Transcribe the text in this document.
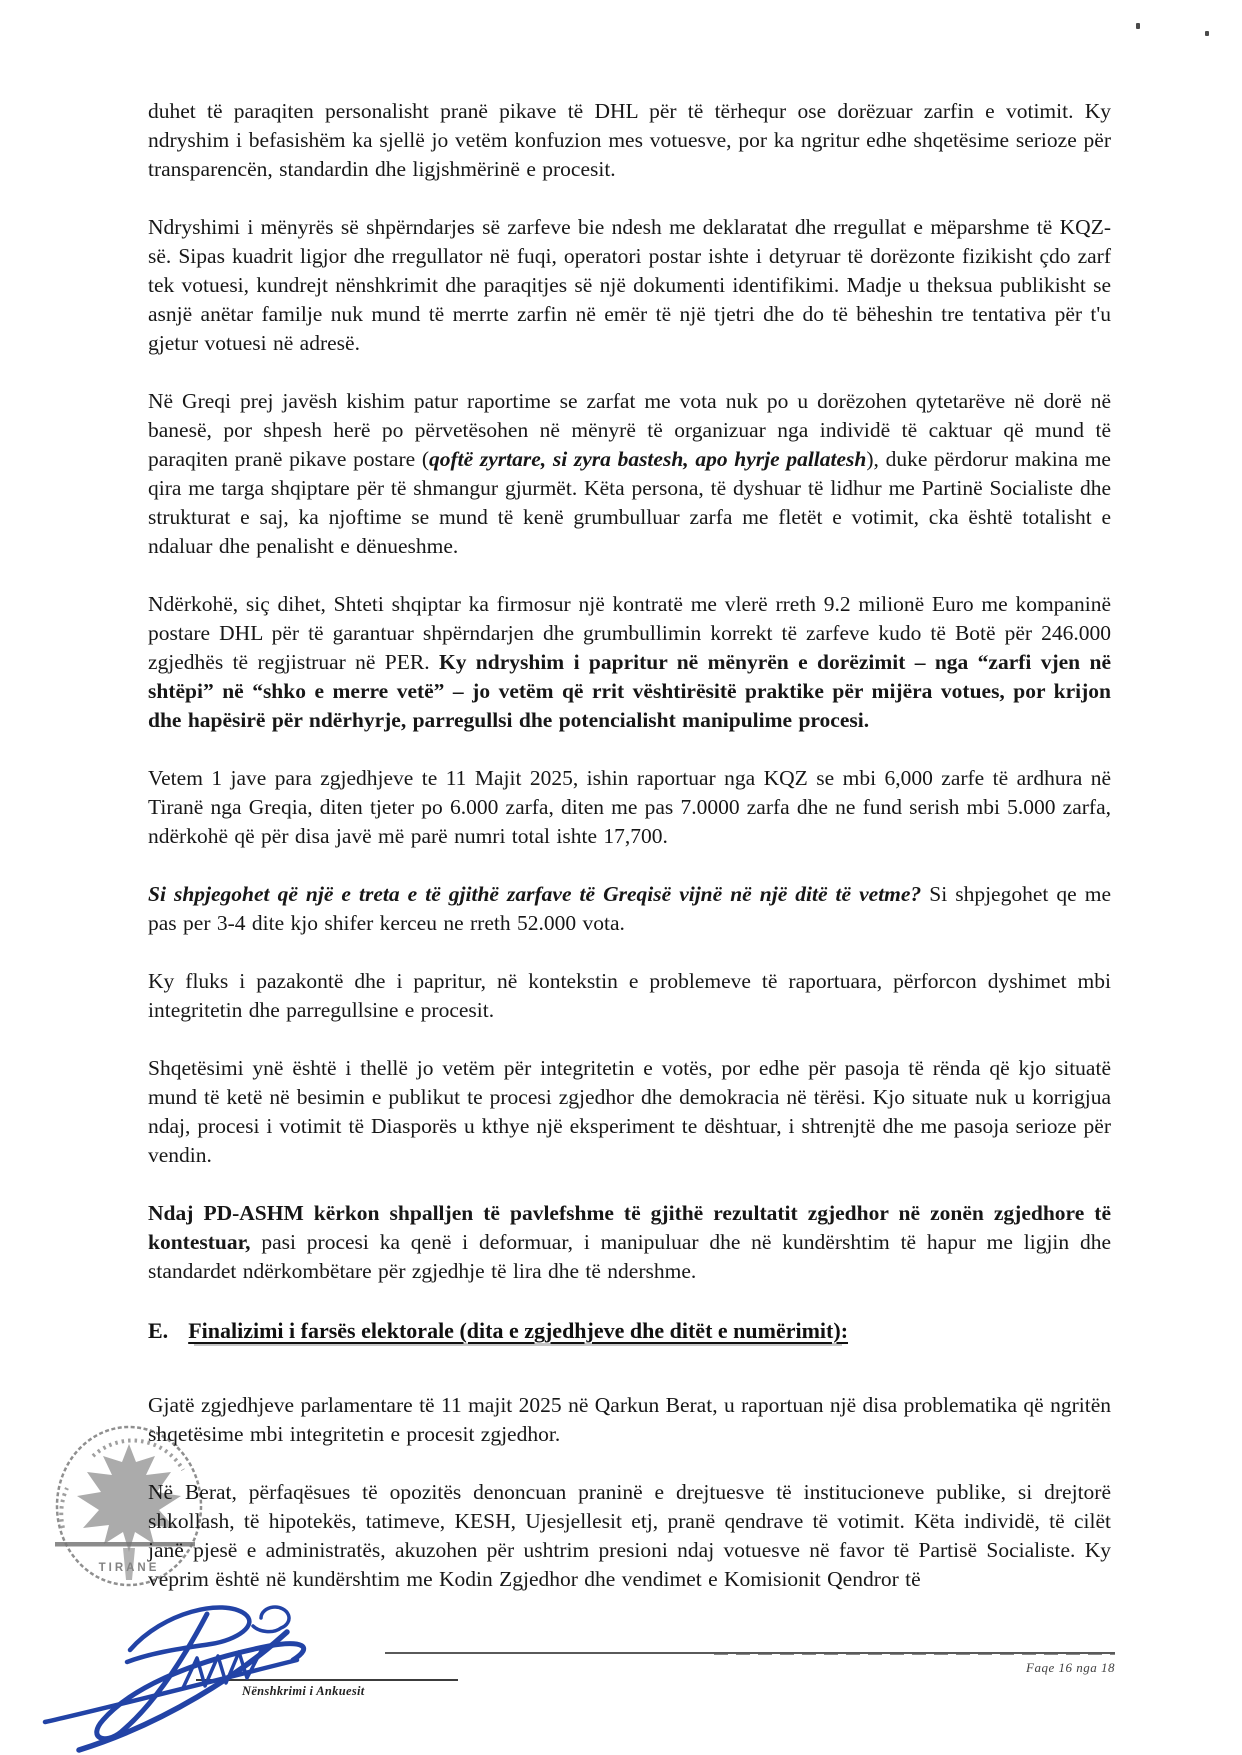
duhet të paraqiten personalisht pranë pikave të DHL për të tërhequr ose dorëzuar zarfin e votimit. Ky ndryshim i befasishëm ka sjellë jo vetëm konfuzion mes votuesve, por ka ngritur edhe shqetësime serioze për transparencën, standardin dhe ligjshmërinë e procesit.

Ndryshimi i mënyrës së shpërndarjes së zarfeve bie ndesh me deklaratat dhe rregullat e mëparshme të KQZ-së. Sipas kuadrit ligjor dhe rregullator në fuqi, operatori postar ishte i detyruar të dorëzonte fizikisht çdo zarf tek votuesi, kundrejt nënshkrimit dhe paraqitjes së një dokumenti identifikimi. Madje u theksua publikisht se asnjë anëtar familje nuk mund të merrte zarfin në emër të një tjetri dhe do të bëheshin tre tentativa për t'u gjetur votuesi në adresë.

Në Greqi prej javësh kishim patur raportime se zarfat me vota nuk po u dorëzohen qytetarëve në dorë në banesë, por shpesh herë po përvetësohen në mënyrë të organizuar nga individë të caktuar që mund të paraqiten pranë pikave postare (qoftë zyrtare, si zyra bastesh, apo hyrje pallatesh), duke përdorur makina me qira me targa shqiptare për të shmangur gjurmët. Këta persona, të dyshuar të lidhur me Partinë Socialiste dhe strukturat e saj, ka njoftime se mund të kenë grumbulluar zarfa me fletët e votimit, cka është totalisht e ndaluar dhe penalisht e dënueshme.

Ndërkohë, siç dihet, Shteti shqiptar ka firmosur një kontratë me vlerë rreth 9.2 milionë Euro me kompaninë postare DHL për të garantuar shpërndarjen dhe grumbullimin korrekt të zarfeve kudo të Botë për 246.000 zgjedhës të regjistruar në PER. Ky ndryshim i papritur në mënyrën e dorëzimit – nga “zarfi vjen në shtëpi” në “shko e merre vetë” – jo vetëm që rrit vështirësitë praktike për mijëra votues, por krijon dhe hapësirë për ndërhyrje, parregullsi dhe potencialisht manipulime procesi.

Vetem 1 jave para zgjedhjeve te 11 Majit 2025, ishin raportuar nga KQZ se mbi 6,000 zarfe të ardhura në Tiranë nga Greqia, diten tjeter po 6.000 zarfa, diten me pas 7.0000 zarfa dhe ne fund serish mbi 5.000 zarfa, ndërkohë që për disa javë më parë numri total ishte 17,700.

Si shpjegohet që një e treta e të gjithë zarfave të Greqisë vijnë në një ditë të vetme? Si shpjegohet qe me pas per 3-4 dite kjo shifer kerceu ne rreth 52.000 vota.

Ky fluks i pazakontë dhe i papritur, në kontekstin e problemeve të raportuara, përforcon dyshimet mbi integritetin dhe parregullsine e procesit.

Shqetësimi ynë është i thellë jo vetëm për integritetin e votës, por edhe për pasoja të rënda që kjo situatë mund të ketë në besimin e publikut te procesi zgjedhor dhe demokracia në tërësi. Kjo situate nuk u korrigjua ndaj, procesi i votimit të Diasporës u kthye një eksperiment te dështuar, i shtrenjtë dhe me pasoja serioze për vendin.

Ndaj PD-ASHM kërkon shpalljen të pavlefshme të gjithë rezultatit zgjedhor në zonën zgjedhore të kontestuar, pasi procesi ka qenë i deformuar, i manipuluar dhe në kundërshtim të hapur me ligjin dhe standardet ndërkombëtare për zgjedhje të lira dhe të ndershme.

E. Finalizimi i farsës elektorale (dita e zgjedhjeve dhe ditët e numërimit):

Gjatë zgjedhjeve parlamentare të 11 majit 2025 në Qarkun Berat, u raportuan një disa problematika që ngritën shqetësime mbi integritetin e procesit zgjedhor.

Në Berat, përfaqësues të opozitës denoncuan praninë e drejtuesve të institucioneve publike, si drejtorë shkollash, të hipotekës, tatimeve, KESH, Ujesjellesit etj, pranë qendrave të votimit. Këta individë, të cilët janë pjesë e administratës, akuzohen për ushtrim presioni ndaj votuesve në favor të Partisë Socialiste. Ky veprim është në kundërshtim me Kodin Zgjedhor dhe vendimet e Komisionit Qendror të

TIRANE
Nënshkrimi i Ankuesit
Faqe 16 nga 18
